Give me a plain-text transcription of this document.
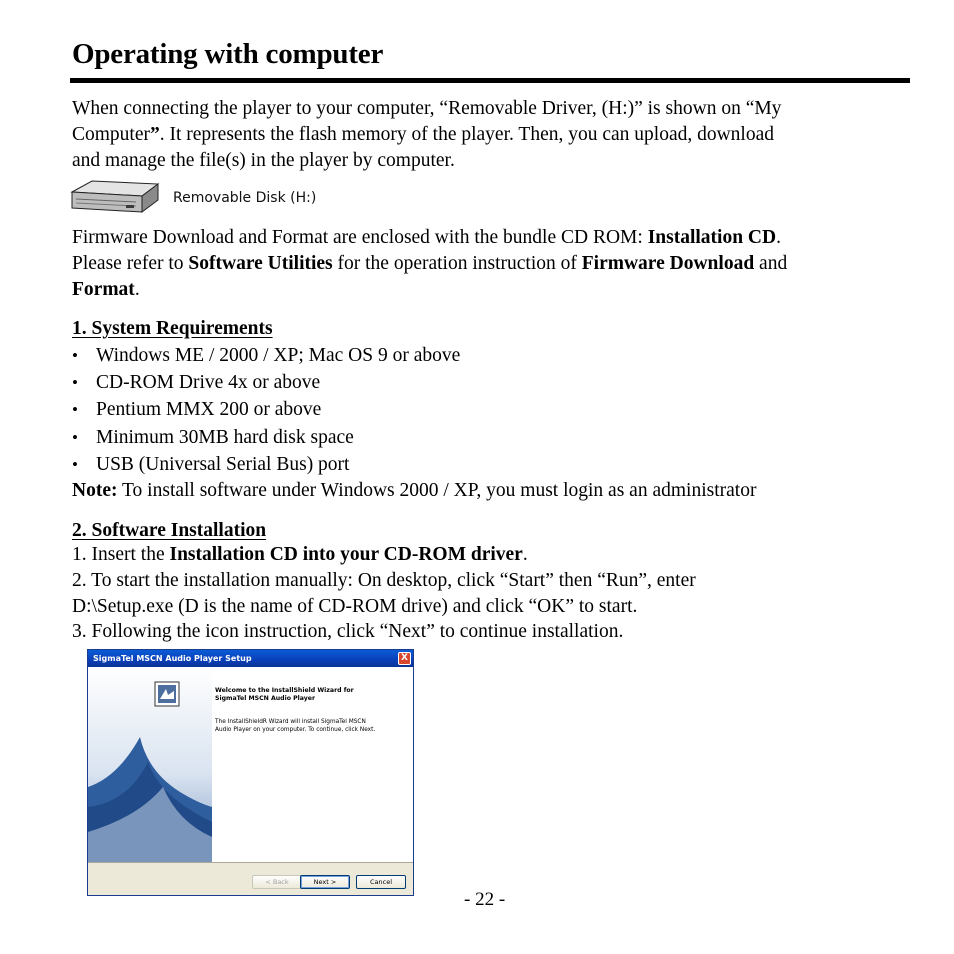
Operating with computer
When connecting the player to your computer, “Removable Driver, (H:)” is shown on “My
Computer”. It represents the flash memory of the player. Then, you can upload, download
and manage the file(s) in the player by computer.
Removable Disk (H:)
Firmware Download and Format are enclosed with the bundle CD ROM: Installation CD.
Please refer to Software Utilities for the operation instruction of Firmware Download and
Format.
1. System Requirements
• Windows ME / 2000 / XP; Mac OS 9 or above
• CD-ROM Drive 4x or above
• Pentium MMX 200 or above
• Minimum 30MB hard disk space
• USB (Universal Serial Bus) port
Note: To install software under Windows 2000 / XP, you must login as an administrator
2. Software Installation
1. Insert the Installation CD into your CD-ROM driver.
2. To start the installation manually: On desktop, click “Start” then “Run”, enter
D:\Setup.exe (D is the name of CD-ROM drive) and click “OK” to start.
3. Following the icon instruction, click “Next” to continue installation.
SigmaTel MSCN Audio Player Setup	X
Welcome to the InstallShield Wizard for
SigmaTel MSCN Audio Player
The InstallShieldR Wizard will install SigmaTel MSCN
Audio Player on your computer. To continue, click Next.
< Back	Next >	Cancel
- 22 -
